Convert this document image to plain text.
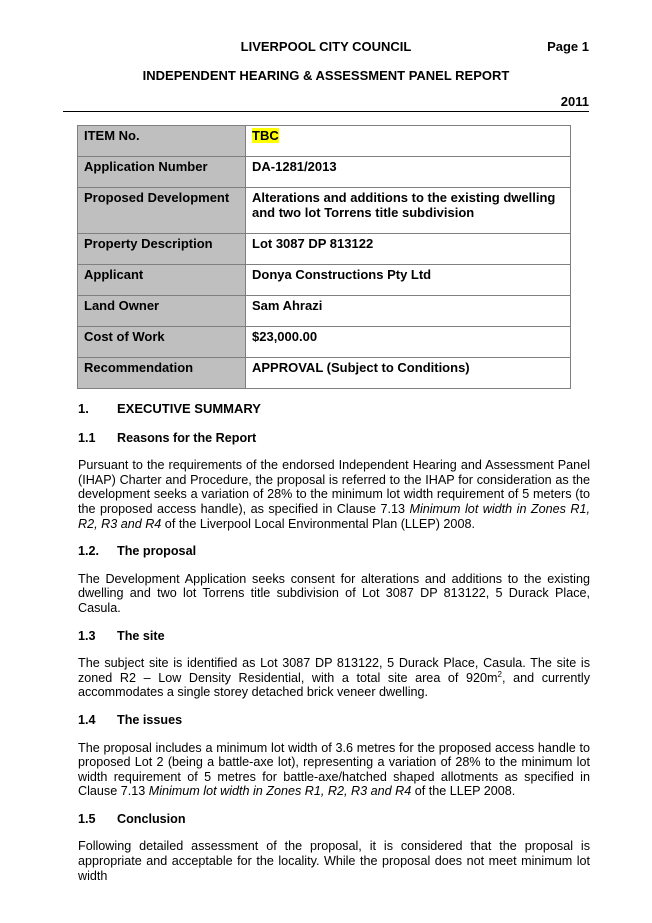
LIVERPOOL CITY COUNCIL	Page 1
INDEPENDENT HEARING & ASSESSMENT PANEL REPORT
2011
ITEM No.	TBC
Application Number	DA-1281/2013
Proposed Development	Alterations and additions to the existing dwelling and two lot Torrens title subdivision
Property Description	Lot 3087 DP 813122
Applicant	Donya Constructions Pty Ltd
Land Owner	Sam Ahrazi
Cost of Work	$23,000.00
Recommendation	APPROVAL (Subject to Conditions)
1. EXECUTIVE SUMMARY
1.1 Reasons for the Report

Pursuant to the requirements of the endorsed Independent Hearing and Assessment Panel (IHAP) Charter and Procedure, the proposal is referred to the IHAP for consideration as the development seeks a variation of 28% to the minimum lot width requirement of 5 meters (to the proposed access handle), as specified in Clause 7.13 Minimum lot width in Zones R1, R2, R3 and R4 of the Liverpool Local Environmental Plan (LLEP) 2008.

1.2. The proposal

The Development Application seeks consent for alterations and additions to the existing dwelling and two lot Torrens title subdivision of Lot 3087 DP 813122, 5 Durack Place, Casula.

1.3 The site

The subject site is identified as Lot 3087 DP 813122, 5 Durack Place, Casula. The site is zoned R2 – Low Density Residential, with a total site area of $920m^2$, and currently accommodates a single storey detached brick veneer dwelling.

1.4 The issues

The proposal includes a minimum lot width of 3.6 metres for the proposed access handle to proposed Lot 2 (being a battle-axe lot), representing a variation of 28% to the minimum lot width requirement of 5 metres for battle-axe/hatched shaped allotments as specified in Clause 7.13 Minimum lot width in Zones R1, R2, R3 and R4 of the LLEP 2008.

1.5 Conclusion

Following detailed assessment of the proposal, it is considered that the proposal is appropriate and acceptable for the locality. While the proposal does not meet minimum lot width
